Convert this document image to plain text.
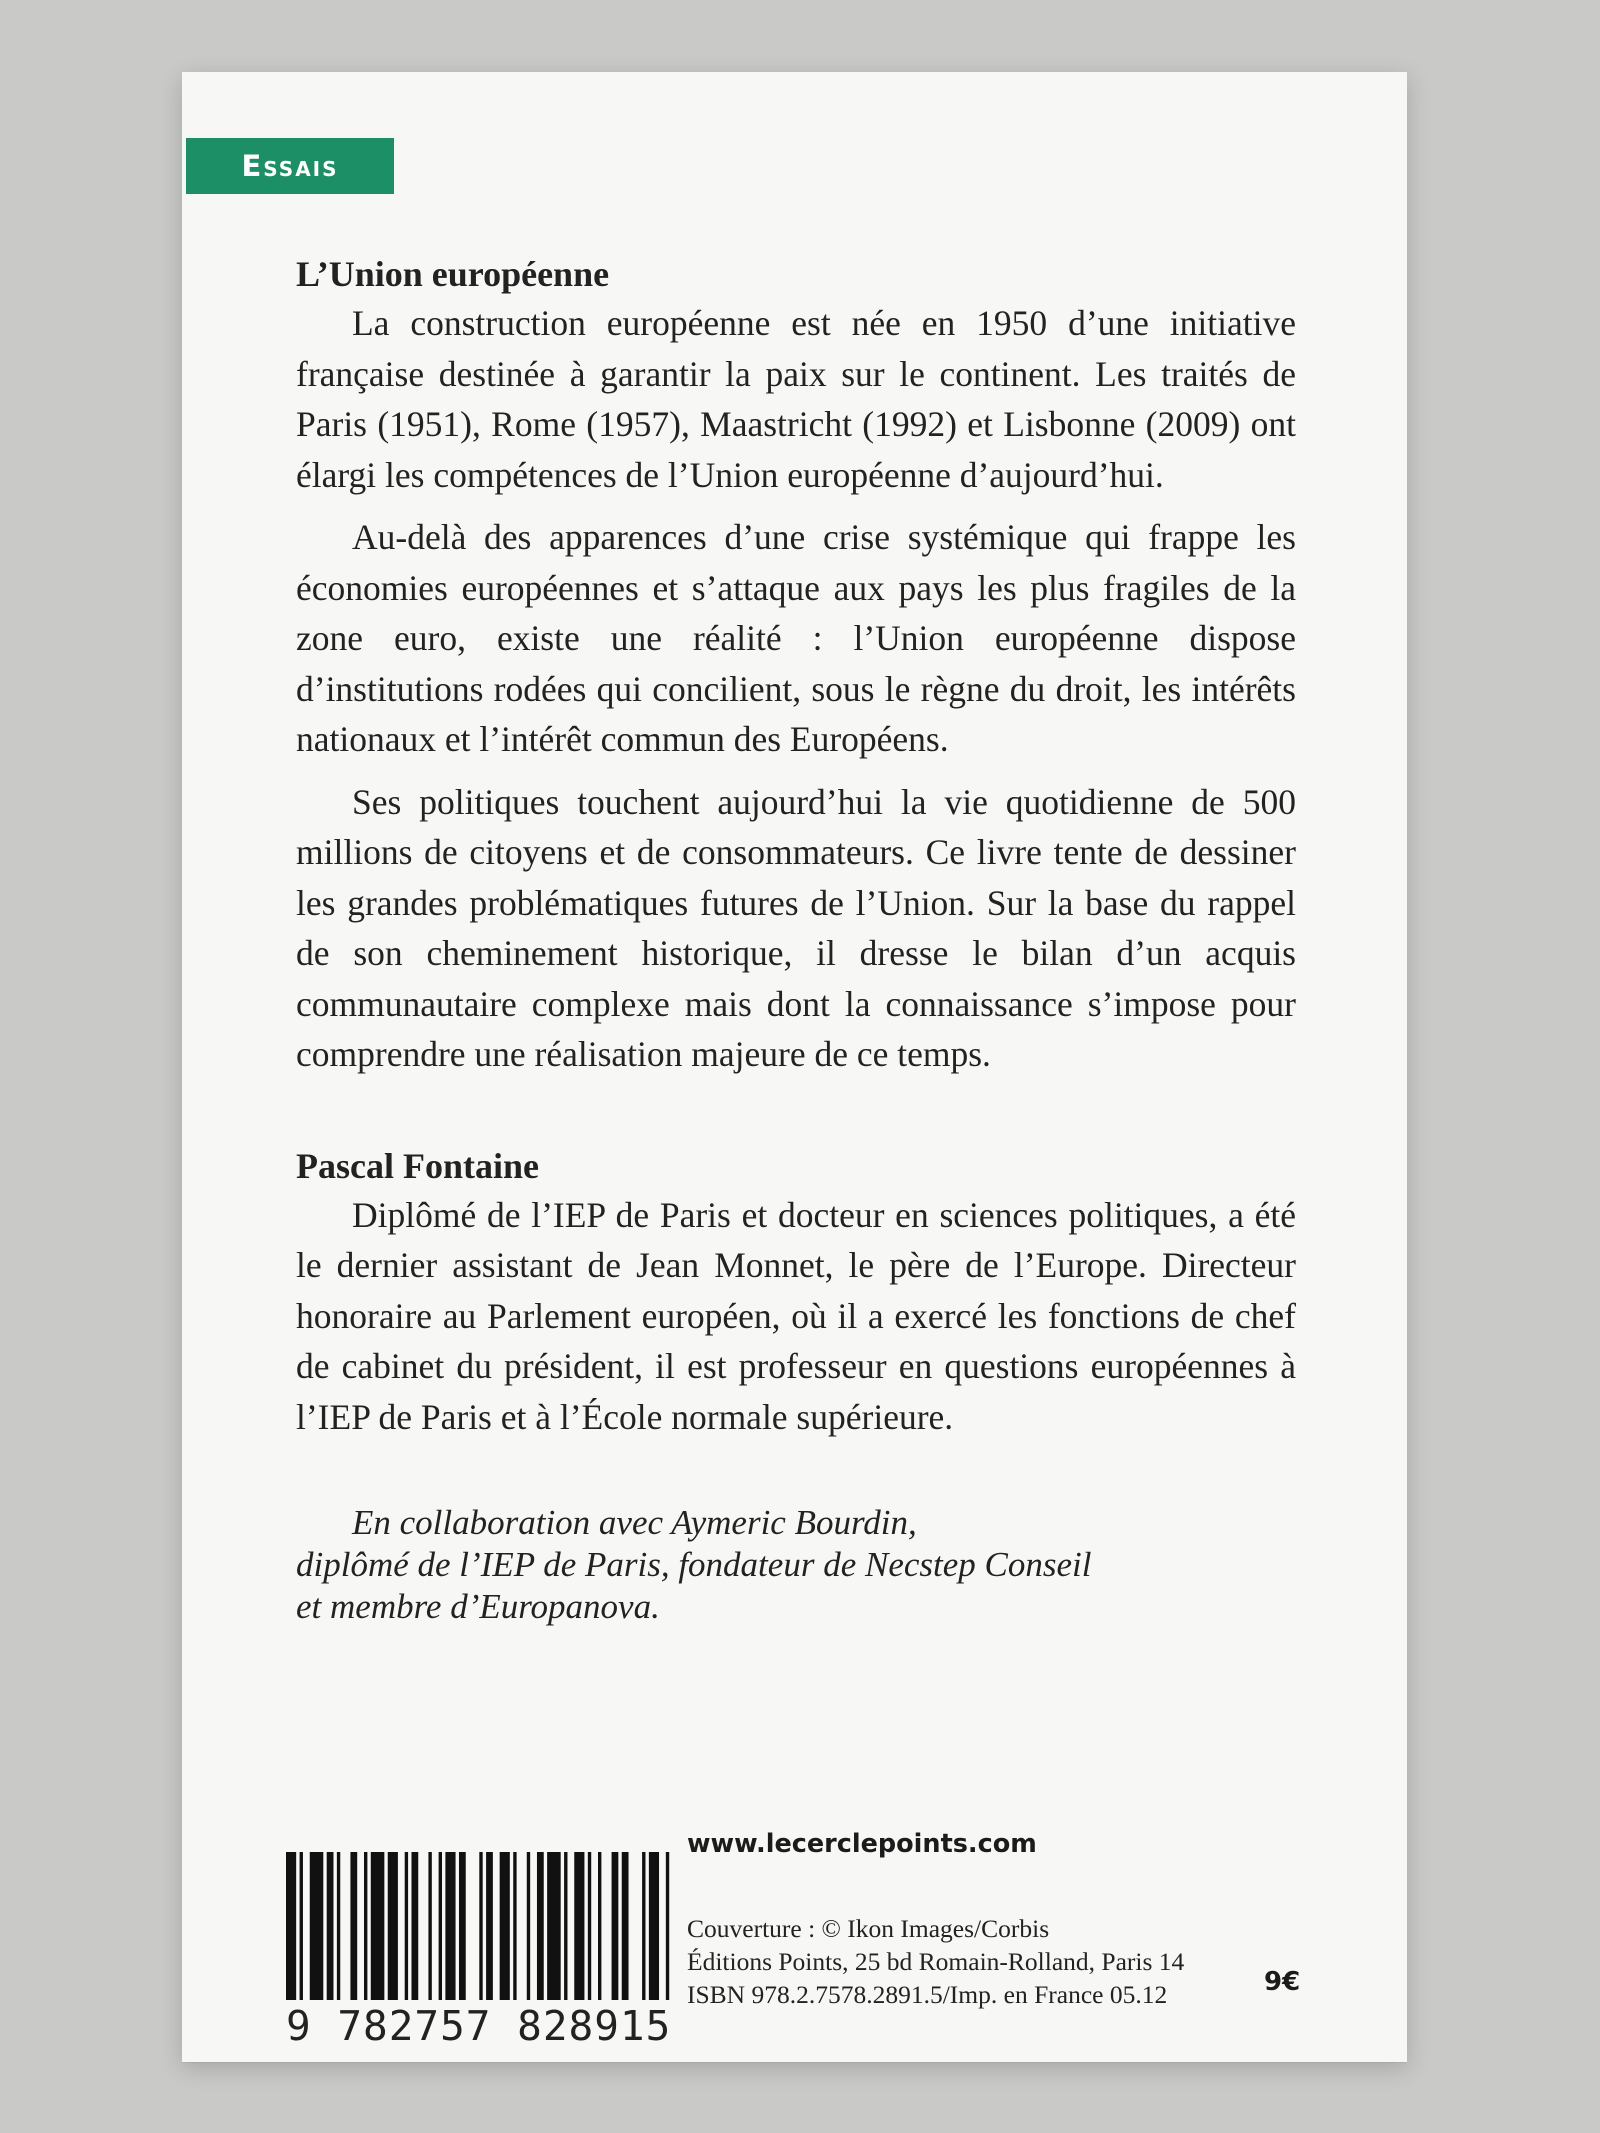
Essais
L’Union européenne

La construction européenne est née en 1950 d’une initiative française destinée à garantir la paix sur le continent. Les traités de Paris (1951), Rome (1957), Maastricht (1992) et Lisbonne (2009) ont élargi les compétences de l’Union européenne d’aujourd’hui.

Au-delà des apparences d’une crise systémique qui frappe les économies européennes et s’attaque aux pays les plus fragiles de la zone euro, existe une réalité : l’Union européenne dispose d’institutions rodées qui concilient, sous le règne du droit, les intérêts nationaux et l’intérêt commun des Européens.

Ses politiques touchent aujourd’hui la vie quotidienne de 500 millions de citoyens et de consommateurs. Ce livre tente de dessiner les grandes problématiques futures de l’Union. Sur la base du rappel de son cheminement historique, il dresse le bilan d’un acquis communautaire complexe mais dont la connaissance s’impose pour comprendre une réalisation majeure de ce temps.

Pascal Fontaine

Diplômé de l’IEP de Paris et docteur en sciences politiques, a été le dernier assistant de Jean Monnet, le père de l’Europe. Directeur honoraire au Parlement européen, où il a exercé les fonctions de chef de cabinet du président, il est professeur en questions européennes à l’IEP de Paris et à l’École normale supérieure.

En collaboration avec Aymeric Bourdin,
diplômé de l’IEP de Paris, fondateur de Necstep Conseil
et membre d’Europanova.
9 782757 828915
www.lecerclepoints.com
Couverture : © Ikon Images/Corbis
Éditions Points, 25 bd Romain-Rolland, Paris 14
ISBN 978.2.7578.2891.5/Imp. en France 05.12	9€
